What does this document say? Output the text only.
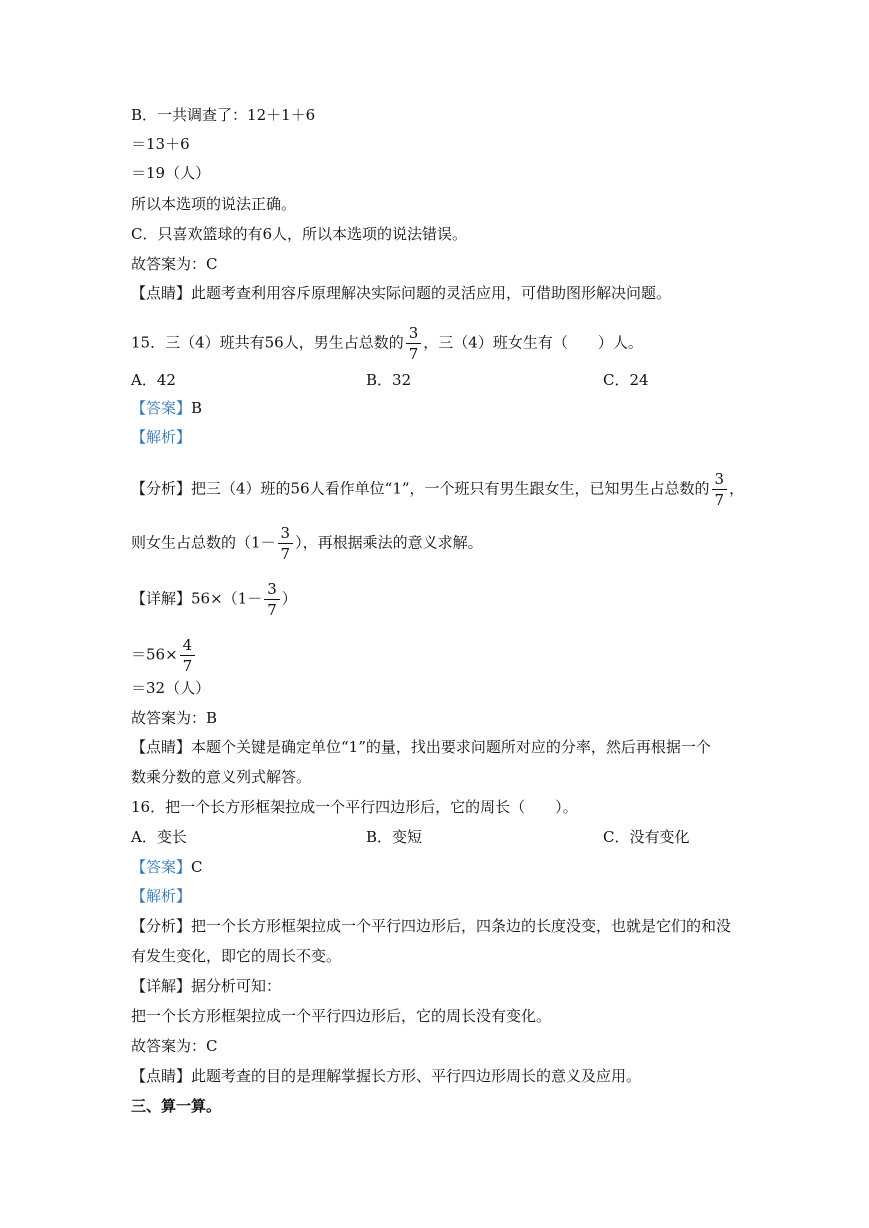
B．一共调查了：12＋1＋6
＝13＋6
＝19（人）
所以本选项的说法正确。
C．只喜欢篮球的有6人，所以本选项的说法错误。
故答案为：C
【点睛】此题考查利用容斥原理解决实际问题的灵活应用，可借助图形解决问题。
15．三（4）班共有56人，男生占总数的 $\frac{3}{7}$ ，三（4）班女生有（　　）人。
A．42	B．32	C．24
【答案】B
【解析】
【分析】把三（4）班的56人看作单位“1”，一个班只有男生跟女生，已知男生占总数的 $\frac{3}{7}$ ，
则女生占总数的（$1- \frac{3}{7}$ ），再根据乘法的意义求解。
【详解】$56\times(1- \frac{3}{7}$ ）
$=56\times \frac{4}{7}$
＝32（人）
故答案为：B
【点睛】本题个关键是确定单位“1”的量，找出要求问题所对应的分率，然后再根据一个
数乘分数的意义列式解答。
16．把一个长方形框架拉成一个平行四边形后，它的周长（　　）。
A．变长	B．变短	C．没有变化
【答案】C
【解析】
【分析】把一个长方形框架拉成一个平行四边形后，四条边的长度没变，也就是它们的和没
有发生变化，即它的周长不变。
【详解】据分析可知：
把一个长方形框架拉成一个平行四边形后，它的周长没有变化。
故答案为：C
【点睛】此题考查的目的是理解掌握长方形、平行四边形周长的意义及应用。
三、算一算。
